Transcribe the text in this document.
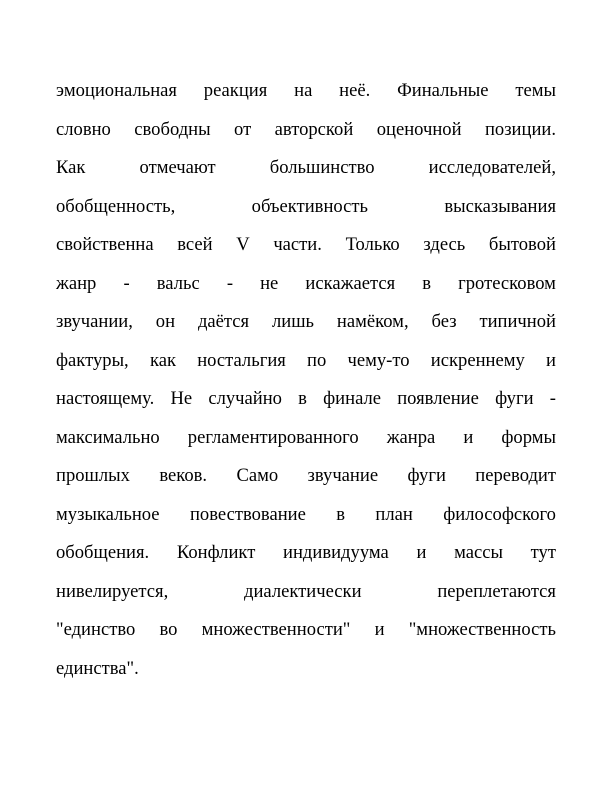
эмоциональная реакция на неё. Финальные темы
словно свободны от авторской оценочной позиции.
Как	отмечают	большинство	исследователей,
обобщенность,	объективность	высказывания
свойственна всей V части. Только здесь бытовой
жанр - вальс - не искажается в гротесковом
звучании, он даётся лишь намёком, без типичной
фактуры, как ностальгия по чему-то искреннему и
настоящему. Не случайно в финале появление фуги -
максимально регламентированного жанра и формы
прошлых веков. Само звучание фуги переводит
музыкальное повествование в план философского
обобщения. Конфликт индивидуума и массы тут
нивелируется,	диалектически	переплетаются
"единство во множественности" и "множественность
единства".
